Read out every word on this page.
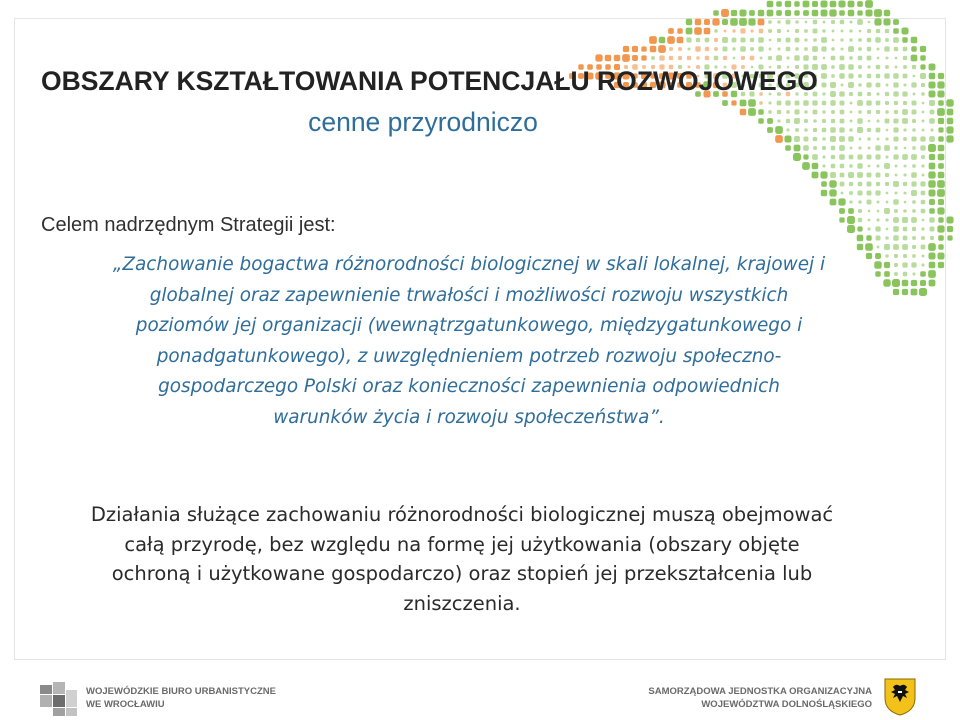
OBSZARY KSZTAŁTOWANIA POTENCJAŁU ROZWOJOWEGO
cenne przyrodniczo
Celem nadrzędnym Strategii jest:
„Zachowanie bogactwa różnorodności biologicznej w skali lokalnej, krajowej i
globalnej oraz zapewnienie trwałości i możliwości rozwoju wszystkich
poziomów jej organizacji (wewnątrzgatunkowego, międzygatunkowego i
ponadgatunkowego), z uwzględnieniem potrzeb rozwoju społeczno-
gospodarczego Polski oraz konieczności zapewnienia odpowiednich
warunków życia i rozwoju społeczeństwa”.
Działania służące zachowaniu różnorodności biologicznej muszą obejmować
całą przyrodę, bez względu na formę jej użytkowania (obszary objęte
ochroną i użytkowane gospodarczo) oraz stopień jej przekształcenia lub
zniszczenia.
WOJEWÓDZKIE BIURO URBANISTYCZNE
WE WROCŁAWIU
SAMORZĄDOWA JEDNOSTKA ORGANIZACYJNA
WOJEWÓDZTWA DOLNOŚLĄSKIEGO
